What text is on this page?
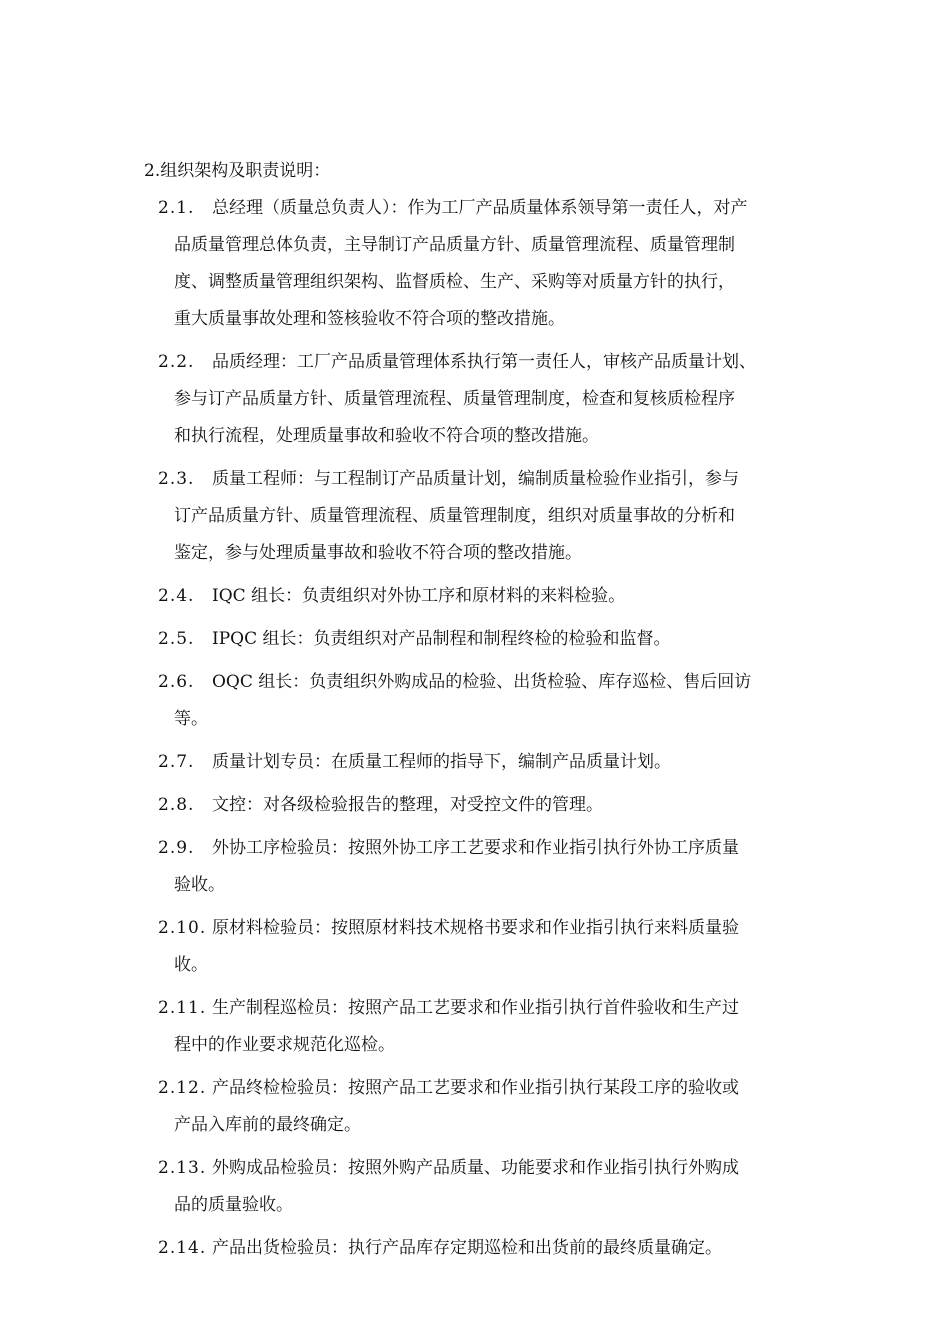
2.组织架构及职责说明：
2.1.	总经理（质量总负责人）：作为工厂产品质量体系领导第一责任人，对产
品质量管理总体负责，主导制订产品质量方针、质量管理流程、质量管理制
度、调整质量管理组织架构、监督质检、生产、采购等对质量方针的执行，
重大质量事故处理和签核验收不符合项的整改措施。
2.2.	品质经理：工厂产品质量管理体系执行第一责任人，审核产品质量计划、
参与订产品质量方针、质量管理流程、质量管理制度，检查和复核质检程序
和执行流程，处理质量事故和验收不符合项的整改措施。
2.3.	质量工程师：与工程制订产品质量计划，编制质量检验作业指引，参与
订产品质量方针、质量管理流程、质量管理制度，组织对质量事故的分析和
鉴定，参与处理质量事故和验收不符合项的整改措施。
2.4.	IQC 组长：负责组织对外协工序和原材料的来料检验。
2.5.	IPQC 组长：负责组织对产品制程和制程终检的检验和监督。
2.6.	OQC 组长：负责组织外购成品的检验、出货检验、库存巡检、售后回访
等。
2.7.	质量计划专员：在质量工程师的指导下，编制产品质量计划。
2.8.	文控：对各级检验报告的整理，对受控文件的管理。
2.9.	外协工序检验员：按照外协工序工艺要求和作业指引执行外协工序质量
验收。
2.10. 原材料检验员：按照原材料技术规格书要求和作业指引执行来料质量验
收。
2.11. 生产制程巡检员：按照产品工艺要求和作业指引执行首件验收和生产过
程中的作业要求规范化巡检。
2.12. 产品终检检验员：按照产品工艺要求和作业指引执行某段工序的验收或
产品入库前的最终确定。
2.13. 外购成品检验员：按照外购产品质量、功能要求和作业指引执行外购成
品的质量验收。
2.14. 产品出货检验员：执行产品库存定期巡检和出货前的最终质量确定。
